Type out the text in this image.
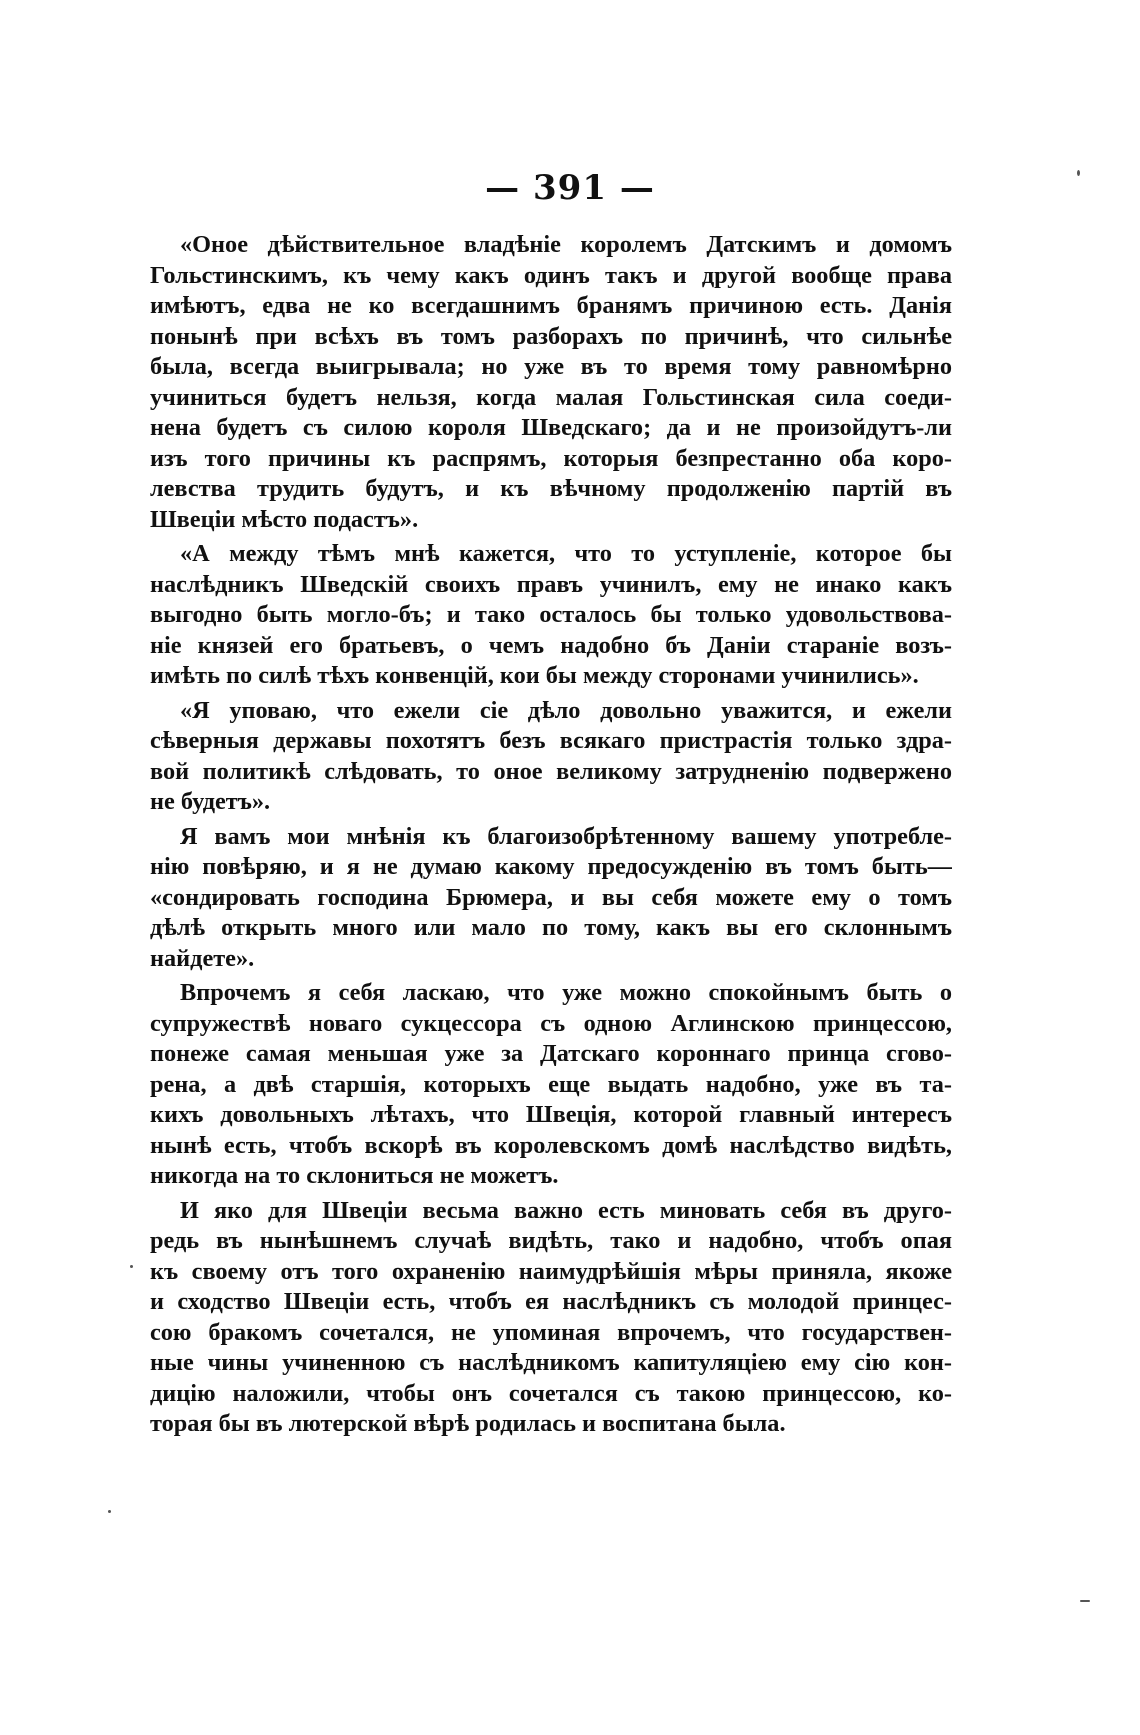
— 391 —
«Оное дѣйствительное владѣніе королемъ Датскимъ и домомъ
Гольстинскимъ, къ чему какъ одинъ такъ и другой вообще права
имѣютъ, едва не ко всегдашнимъ бранямъ причиною есть. Данія
понынѣ при всѣхъ въ томъ разборахъ по причинѣ, что сильнѣе
была, всегда выигрывала; но уже въ то время тому равномѣрно
учиниться будетъ нельзя, когда малая Гольстинская сила соеди-
нена будетъ съ силою короля Шведскаго; да и не произойдутъ-ли
изъ того причины къ распрямъ, которыя безпрестанно оба коро-
левства трудить будутъ, и къ вѣчному продолженію партій въ
Швеціи мѣсто подастъ».
«А между тѣмъ мнѣ кажется, что то уступленіе, которое бы
наслѣдникъ Шведскій своихъ правъ учинилъ, ему не инако какъ
выгодно быть могло-бъ; и тако осталось бы только удовольствова-
ніе князей его братьевъ, о чемъ надобно бъ Даніи стараніе возъ-
имѣть по силѣ тѣхъ конвенцій, кои бы между сторонами учинились».
«Я уповаю, что ежели сіе дѣло довольно уважится, и ежели
сѣверныя державы похотятъ безъ всякаго пристрастія только здра-
вой политикѣ слѣдовать, то оное великому затрудненію подвержено
не будетъ».
Я вамъ мои мнѣнія къ благоизобрѣтенному вашему употребле-
нію повѣряю, и я не думаю какому предосужденію въ томъ быть—
«сондировать господина Брюмера, и вы себя можете ему о томъ
дѣлѣ открыть много или мало по тому, какъ вы его склоннымъ
найдете».
Впрочемъ я себя ласкаю, что уже можно спокойнымъ быть о
супружествѣ новаго сукцессора съ одною Аглинскою принцессою,
понеже самая меньшая уже за Датскаго короннаго принца сгово-
рена, а двѣ старшія, которыхъ еще выдать надобно, уже въ та-
кихъ довольныхъ лѣтахъ, что Швеція, которой главный интересъ
нынѣ есть, чтобъ вскорѣ въ королевскомъ домѣ наслѣдство видѣть,
никогда на то склониться не можетъ.
И яко для Швеціи весьма важно есть миновать себя въ друго-
редь въ нынѣшнемъ случаѣ видѣть, тако и надобно, чтобъ опая
къ своему отъ того охраненію наимудрѣйшія мѣры приняла, якоже
и сходство Швеціи есть, чтобъ ея наслѣдникъ съ молодой принцес-
сою бракомъ сочетался, не упоминая впрочемъ, что государствен-
ные чины учиненною съ наслѣдникомъ капитуляціею ему сію кон-
дицію наложили, чтобы онъ сочетался съ такою принцессою, ко-
торая бы въ лютерской вѣрѣ родилась и воспитана была.
